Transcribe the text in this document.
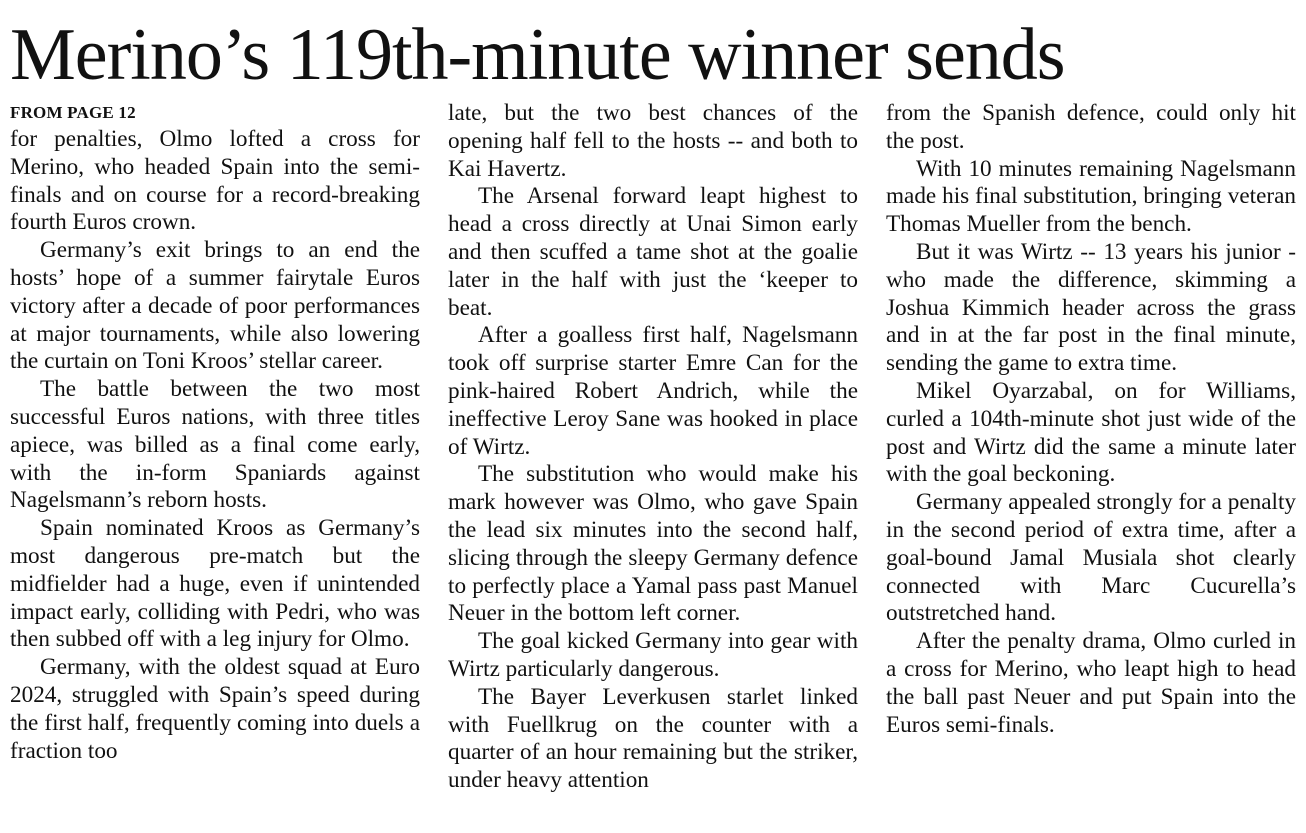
Merino’s 119th-minute winner sends
FROM PAGE 12

for penalties, Olmo lofted a cross for Merino, who headed Spain into the semi-finals and on course for a record-breaking fourth Euros crown.

Germany’s exit brings to an end the hosts’ hope of a summer fairytale Euros victory after a decade of poor performances at major tournaments, while also lowering the curtain on Toni Kroos’ stellar career.

The battle between the two most successful Euros nations, with three titles apiece, was billed as a final come early, with the in-form Spaniards against Nagelsmann’s reborn hosts.

Spain nominated Kroos as Germany’s most dangerous pre-match but the midfielder had a huge, even if unintended impact early, colliding with Pedri, who was then subbed off with a leg injury for Olmo.

Germany, with the oldest squad at Euro 2024, struggled with Spain’s speed during the first half, frequently coming into duels a fraction too

late, but the two best chances of the opening half fell to the hosts -- and both to Kai Havertz.

The Arsenal forward leapt highest to head a cross directly at Unai Simon early and then scuffed a tame shot at the goalie later in the half with just the ‘keeper to beat.

After a goalless first half, Nagelsmann took off surprise starter Emre Can for the pink-haired Robert Andrich, while the ineffective Leroy Sane was hooked in place of Wirtz.

The substitution who would make his mark however was Olmo, who gave Spain the lead six minutes into the second half, slicing through the sleepy Germany defence to perfectly place a Yamal pass past Manuel Neuer in the bottom left corner.

The goal kicked Germany into gear with Wirtz particularly dangerous.

The Bayer Leverkusen starlet linked with Fuellkrug on the counter with a quarter of an hour remaining but the striker, under heavy attention

from the Spanish defence, could only hit the post.

With 10 minutes remaining Nagelsmann made his final substitution, bringing veteran Thomas Mueller from the bench.

But it was Wirtz -- 13 years his junior - who made the difference, skimming a Joshua Kimmich header across the grass and in at the far post in the final minute, sending the game to extra time.

Mikel Oyarzabal, on for Williams, curled a 104th-minute shot just wide of the post and Wirtz did the same a minute later with the goal beckoning.

Germany appealed strongly for a penalty in the second period of extra time, after a goal-bound Jamal Musiala shot clearly connected with Marc Cucurella’s outstretched hand.

After the penalty drama, Olmo curled in a cross for Merino, who leapt high to head the ball past Neuer and put Spain into the Euros semi-finals.
